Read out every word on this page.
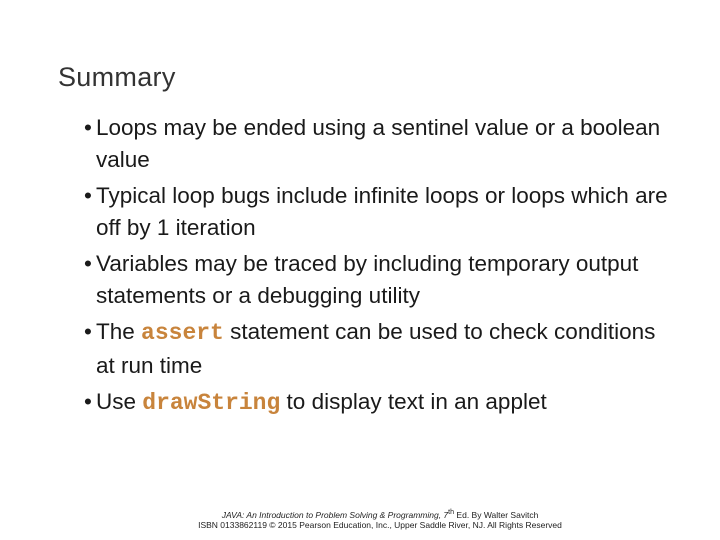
Summary
• Loops may be ended using a sentinel value or a boolean value
• Typical loop bugs include infinite loops or loops which are off by 1 iteration
• Variables may be traced by including temporary output statements or a debugging utility
• The assert statement can be used to check conditions at run time
• Use drawString to display text in an applet
JAVA: An Introduction to Problem Solving & Programming, 7th Ed. By Walter Savitch
ISBN 0133862119 © 2015 Pearson Education, Inc., Upper Saddle River, NJ. All Rights Reserved
